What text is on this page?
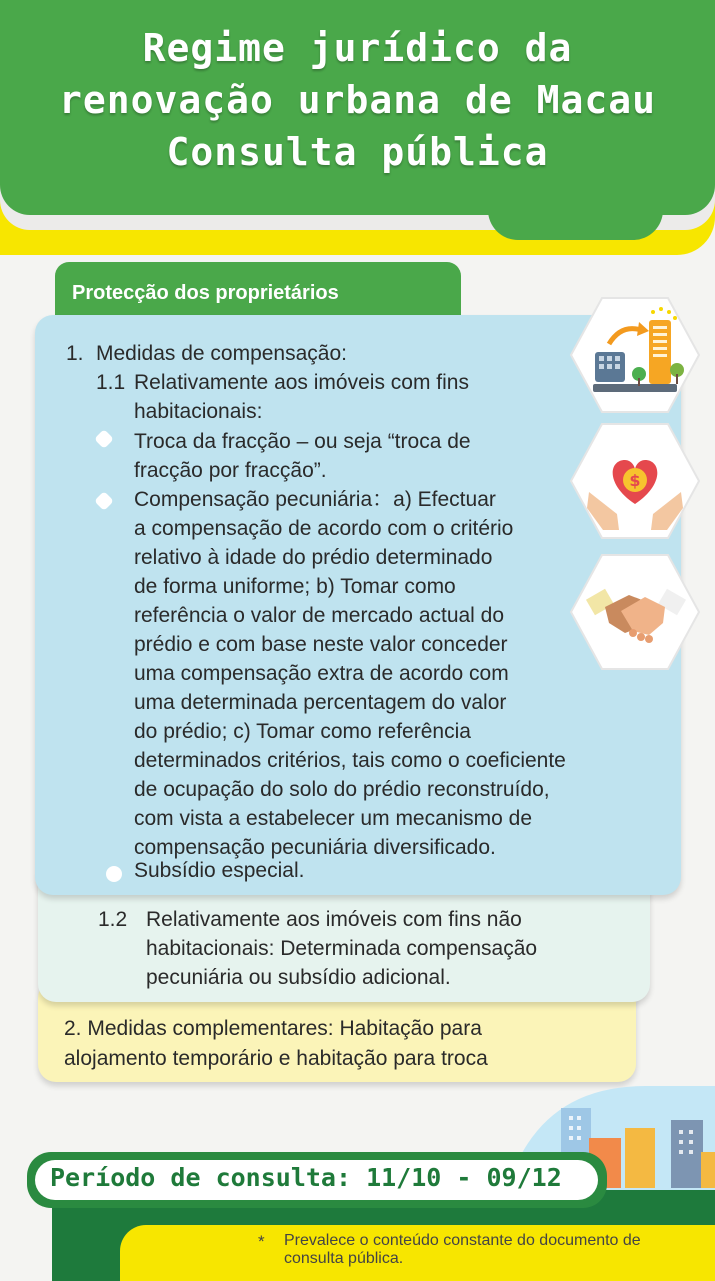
Regime jurídico da
renovação urbana de Macau
Consulta pública
Protecção dos proprietários
1. Medidas de compensação:
1.1 Relativamente aos imóveis com fins
habitacionais:
Troca da fracção – ou seja “troca de
fracção por fracção”.
Compensação pecuniária：a) Efectuar
a compensação de acordo com o critério
relativo à idade do prédio determinado
de forma uniforme; b) Tomar como
referência o valor de mercado actual do
prédio e com base neste valor conceder
uma compensação extra de acordo com
uma determinada percentagem do valor
do prédio; c) Tomar como referência
determinados critérios, tais como o coeficiente
de ocupação do solo do prédio reconstruído,
com vista a estabelecer um mecanismo de
compensação pecuniária diversificado.
Subsídio especial.
1.2 Relativamente aos imóveis com fins não
habitacionais: Determinada compensação
pecuniária ou subsídio adicional.
2. Medidas complementares: Habitação para
alojamento temporário e habitação para troca
$
Período de consulta: 11/10 - 09/12
* Prevalece o conteúdo constante do documento de consulta pública.
